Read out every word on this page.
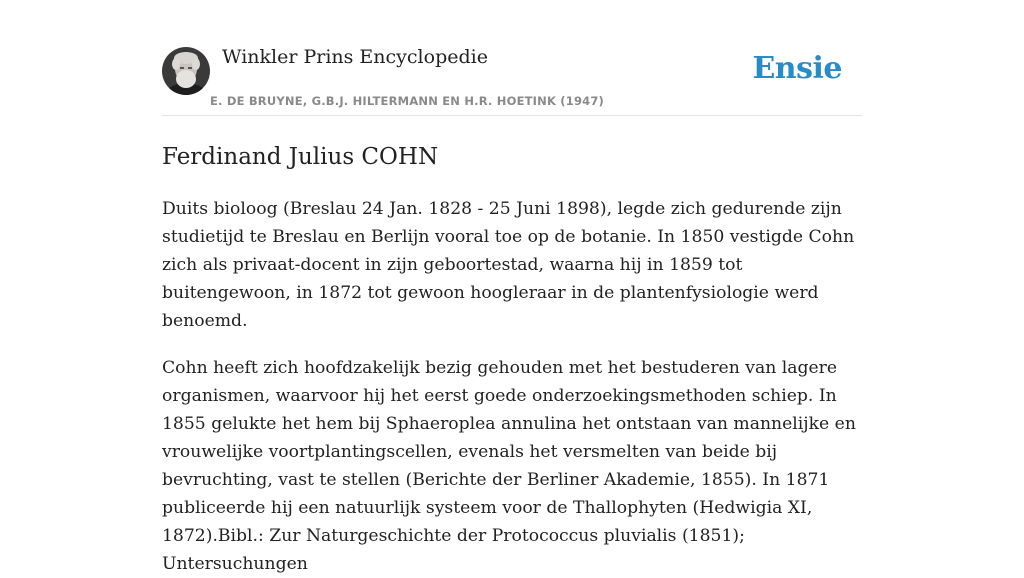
Winkler Prins Encyclopedie
E. DE BRUYNE, G.B.J. HILTERMANN EN H.R. HOETINK (1947)
Ensie
Ferdinand Julius COHN

Duits bioloog (Breslau 24 Jan. 1828 - 25 Juni 1898), legde zich gedurende zijn studietijd te Breslau en Berlijn vooral toe op de botanie. In 1850 vestigde Cohn zich als privaat-docent in zijn geboortestad, waarna hij in 1859 tot buitengewoon, in 1872 tot gewoon hoogleraar in de plantenfysiologie werd benoemd.

Cohn heeft zich hoofdzakelijk bezig gehouden met het bestuderen van lagere organismen, waarvoor hij het eerst goede onderzoekingsmethoden schiep. In 1855 gelukte het hem bij Sphaeroplea annulina het ontstaan van mannelijke en vrouwelijke voortplantingscellen, evenals het versmelten van beide bij bevruchting, vast te stellen (Berichte der Berliner Akademie, 1855). In 1871 publiceerde hij een natuurlijk systeem voor de Thallophyten (Hedwigia XI, 1872).Bibl.: Zur Naturgeschichte der Protococcus pluvialis (1851); Untersuchungen
